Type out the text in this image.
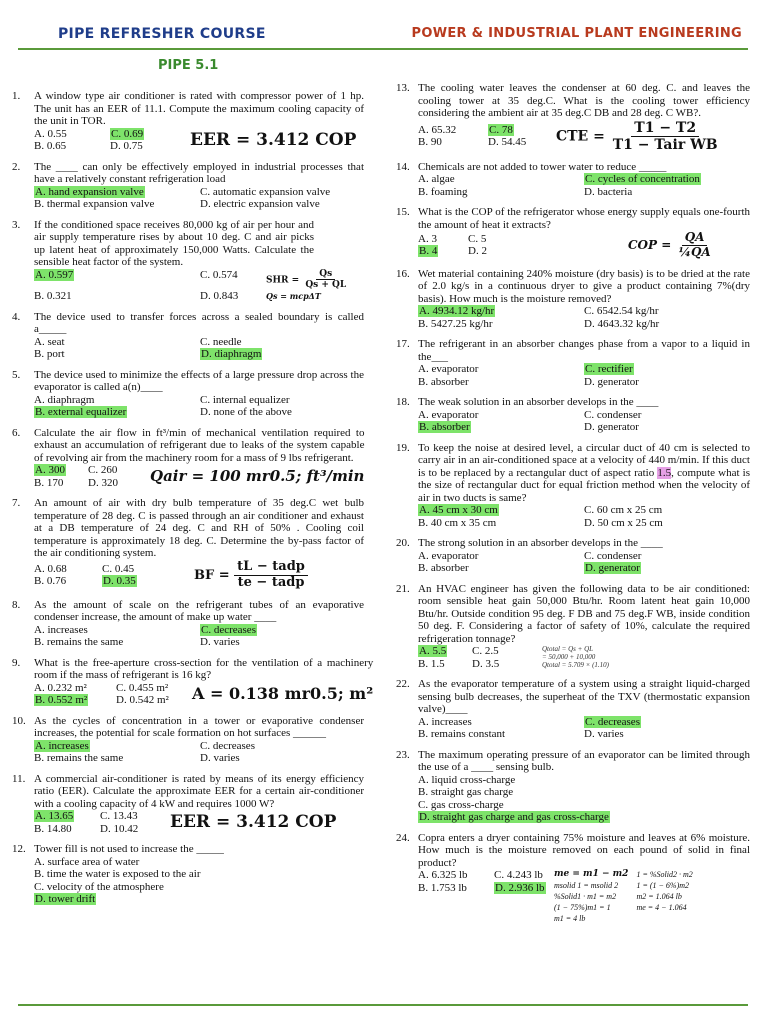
PIPE REFRESHER COURSE	POWER & INDUSTRIAL PLANT ENGINEERING
PIPE 5.1
1.	A window type air conditioner is rated with compressor power of 1 hp. The unit has an EER of 11.1. Compute the maximum cooling capacity of the unit in TOR.
A. 0.55	C. 0.69
B. 0.65	D. 0.75	EER = 3.412 COP
2.	The ____ can only be effectively employed in industrial processes that have a relatively constant refrigeration load
A. hand expansion valve	C. automatic expansion valve
B. thermal expansion valve	D. electric expansion valve
3.	If the conditioned space receives 80,000 kg of air per hour and air supply temperature rises by about 10 deg. C and air picks up latent heat of approximately 150,000 Watts. Calculate the sensible heat factor of the system.
A. 0.597	C. 0.574	SHR = $\frac{Qs}{Qs + QL}$
B. 0.321	D. 0.843	Qs = mcpΔT
4.	The device used to transfer forces across a sealed boundary is called a_____
A. seat	C. needle
B. port	D. diaphragm
5.	The device used to minimize the effects of a large pressure drop across the evaporator is called a(n)____
A. diaphragm	C. internal equalizer
B. external equalizer	D. none of the above
6.	Calculate the air flow in ft³/min of mechanical ventilation required to exhaust an accumulation of refrigerant due to leaks of the system capable of revolving air from the machinery room for a mass of 9 lbs refrigerant.
A. 300	C. 260
B. 170	D. 320	Qair = 100 mr0.5; ft³/min
7.	An amount of air with dry bulb temperature of 35 deg.C wet bulb temperature of 28 deg. C is passed through an air conditioner and exhaust at a DB temperature of 24 deg. C and RH of 50% . Cooling coil temperature is approximately 18 deg. C. Determine the by-pass factor of the air conditioning system.
A. 0.68	C. 0.45
B. 0.76	D. 0.35	BF = $\frac{\text{tL − tadp}}{\text{te − tadp}}$
8.	As the amount of scale on the refrigerant tubes of an evaporative condenser increase, the amount of make up water ____
A. increases	C. decreases
B. remains the same	D. varies
9.	What is the free-aperture cross-section for the ventilation of a machinery room if the mass of refrigerant is 16 kg?
A. 0.232 m²	C. 0.455 m²
B. 0.552 m²	D. 0.542 m²	A = 0.138 mr0.5; m²
10. As the cycles of concentration in a tower or evaporative condenser increases, the potential for scale formation on hot surfaces ______
A. increases	C. decreases
B. remains the same	D. varies
11. A commercial air-conditioner is rated by means of its energy efficiency ratio (EER). Calculate the approximate EER for a certain air-conditioner with a cooling capacity of 4 kW and requires 1000 W?
A. 13.65	C. 13.43
B. 14.80	D. 10.42	EER = 3.412 COP
12. Tower fill is not used to increase the _____
A. surface area of water
B. time the water is exposed to the air
C. velocity of the atmosphere
D. tower drift
13. The cooling water leaves the condenser at 60 deg. C. and leaves the cooling tower at 35 deg.C. What is the cooling tower efficiency considering the ambient air at 35 deg.C DB and 28 deg. C WB?.
A. 65.32	C. 78
B. 90	D. 54.45	CTE = $\frac{T1 - T2}{\text{T1 − Tair WB}}$
14. Chemicals are not added to tower water to reduce _____
A. algae	C. cycles of concentration
B. foaming	D. bacteria
15. What is the COP of the refrigerator whose energy supply equals one-fourth the amount of heat it extracts?
A. 3	C. 5
B. 4	D. 2	COP = $\frac{QA}{\text{¼QA}}$
16. Wet material containing 240% moisture (dry basis) is to be dried at the rate of 2.0 kg/s in a continuous dryer to give a product containing 7%(dry basis). How much is the moisture removed?
A. 4934.12 kg/hr	C. 6542.54 kg/hr
B. 5427.25 kg/hr	D. 4643.32 kg/hr
17. The refrigerant in an absorber changes phase from a vapor to a liquid in the___
A. evaporator	C. rectifier
B. absorber	D. generator
18. The weak solution in an absorber develops in the ____
A. evaporator	C. condenser
B. absorber	D. generator
19. To keep the noise at desired level, a circular duct of 40 cm is selected to carry air in an air-conditioned space at a velocity of 440 m/min. If this duct is to be replaced by a rectangular duct of aspect ratio 1.5, compute what is the size of rectangular duct for equal friction method when the velocity of air in two ducts is same?
A. 45 cm x 30 cm	C. 60 cm x 25 cm
B. 40 cm x 35 cm	D. 50 cm x 25 cm
20. The strong solution in an absorber develops in the ____
A. evaporator	C. condenser
B. absorber	D. generator
21. An HVAC engineer has given the following data to be air conditioned: room sensible heat gain 50,000 Btu/hr. Room latent heat gain 10,000 Btu/hr. Outside condition 95 deg. F DB and 75 deg.F WB, inside condition 50 deg. F. Considering a factor of safety of 10%, calculate the required refrigeration tonnage?
A. 5.5	C. 2.5
B. 1.5	D. 3.5
Qtotal = Qs + QL
= 50,000 + 10,000
Qtotal = 5.709 × (1.10)
22. As the evaporator temperature of a system using a straight liquid-charged sensing bulb decreases, the superheat of the TXV (thermostatic expansion valve)____
A. increases	C. decreases
B. remains constant	D. varies
23. The maximum operating pressure of an evaporator can be limited through the use of a ____ sensing bulb.
A. liquid cross-charge
B. straight gas charge
C. gas cross-charge
D. straight gas charge and gas cross-charge
24. Copra enters a dryer containing 75% moisture and leaves at 6% moisture. How much is the moisture removed on each pound of solid in final product?
A. 6.325 lb	C. 4.243 lb
B. 1.753 lb	D. 2.936 lb
me = m1 − m2
msolid 1 = msolid 2
%Solid1 · m1 = m2
(1 − 75%)m1 = 1
m1 = 4 lb
1 = %Solid2 · m2
1 = (1 − 6%)m2
m2 = 1.064 lb
me = 4 − 1.064
